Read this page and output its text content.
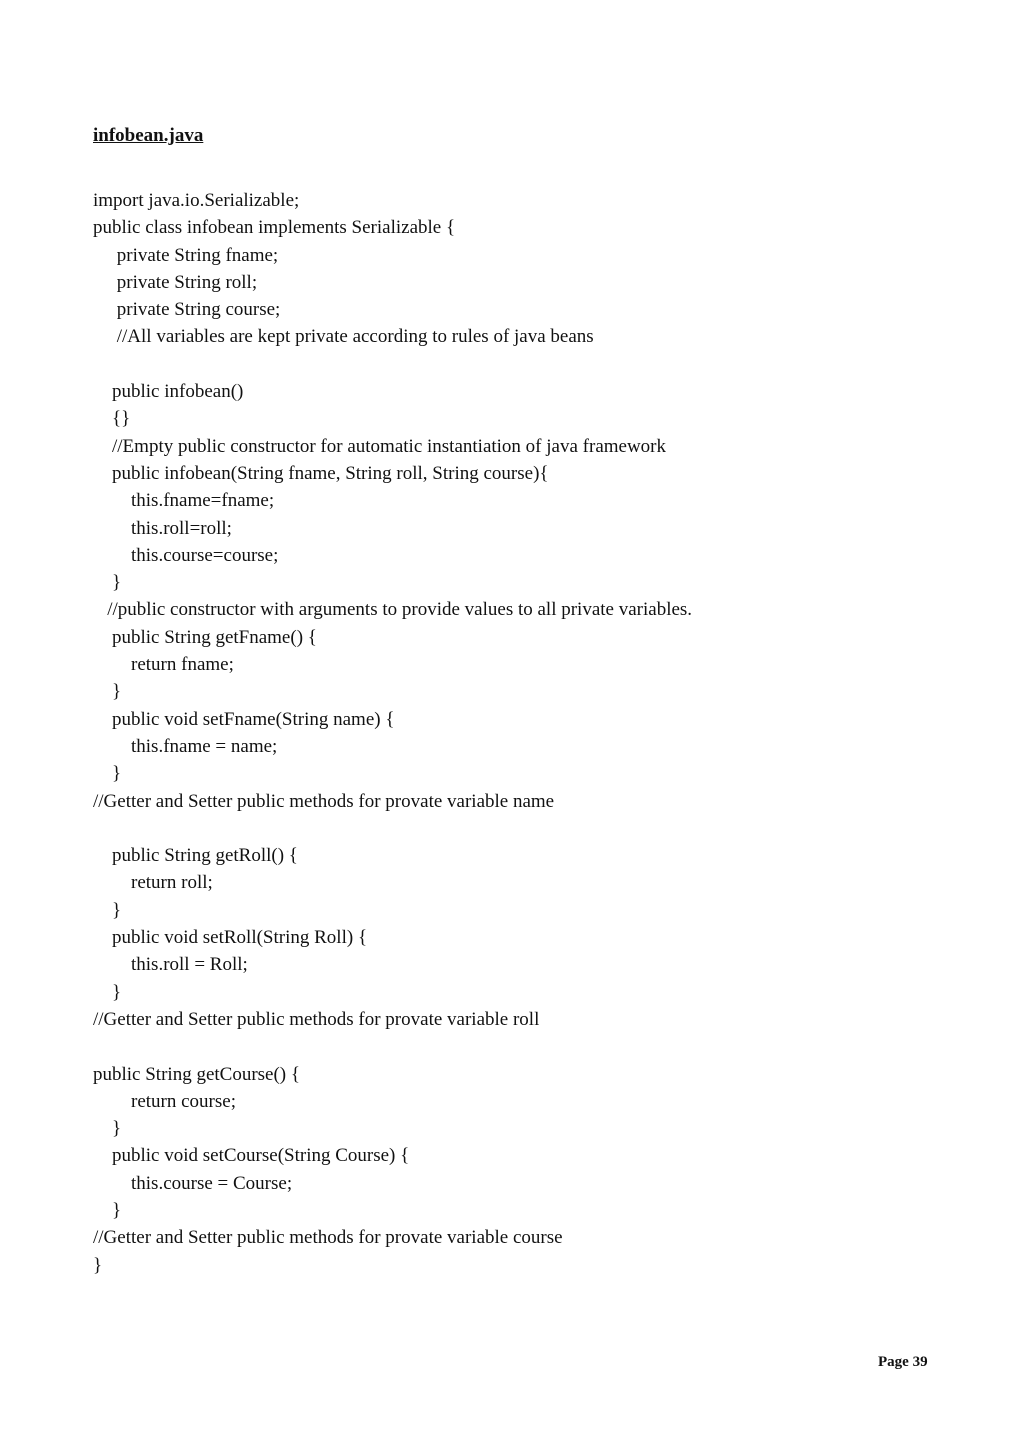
infobean.java
import java.io.Serializable;
public class infobean implements Serializable {
private String fname;
private String roll;
private String course;
//All variables are kept private according to rules of java beans
public infobean()
{}
//Empty public constructor for automatic instantiation of java framework
public infobean(String fname, String roll, String course){
this.fname=fname;
this.roll=roll;
this.course=course;
}
//public constructor with arguments to provide values to all private variables.
public String getFname() {
return fname;
}
public void setFname(String name) {
this.fname = name;
}
//Getter and Setter public methods for provate variable name
public String getRoll() {
return roll;
}
public void setRoll(String Roll) {
this.roll = Roll;
}
//Getter and Setter public methods for provate variable roll
public String getCourse() {
return course;
}
public void setCourse(String Course) {
this.course = Course;
}
//Getter and Setter public methods for provate variable course
}
Page 39
